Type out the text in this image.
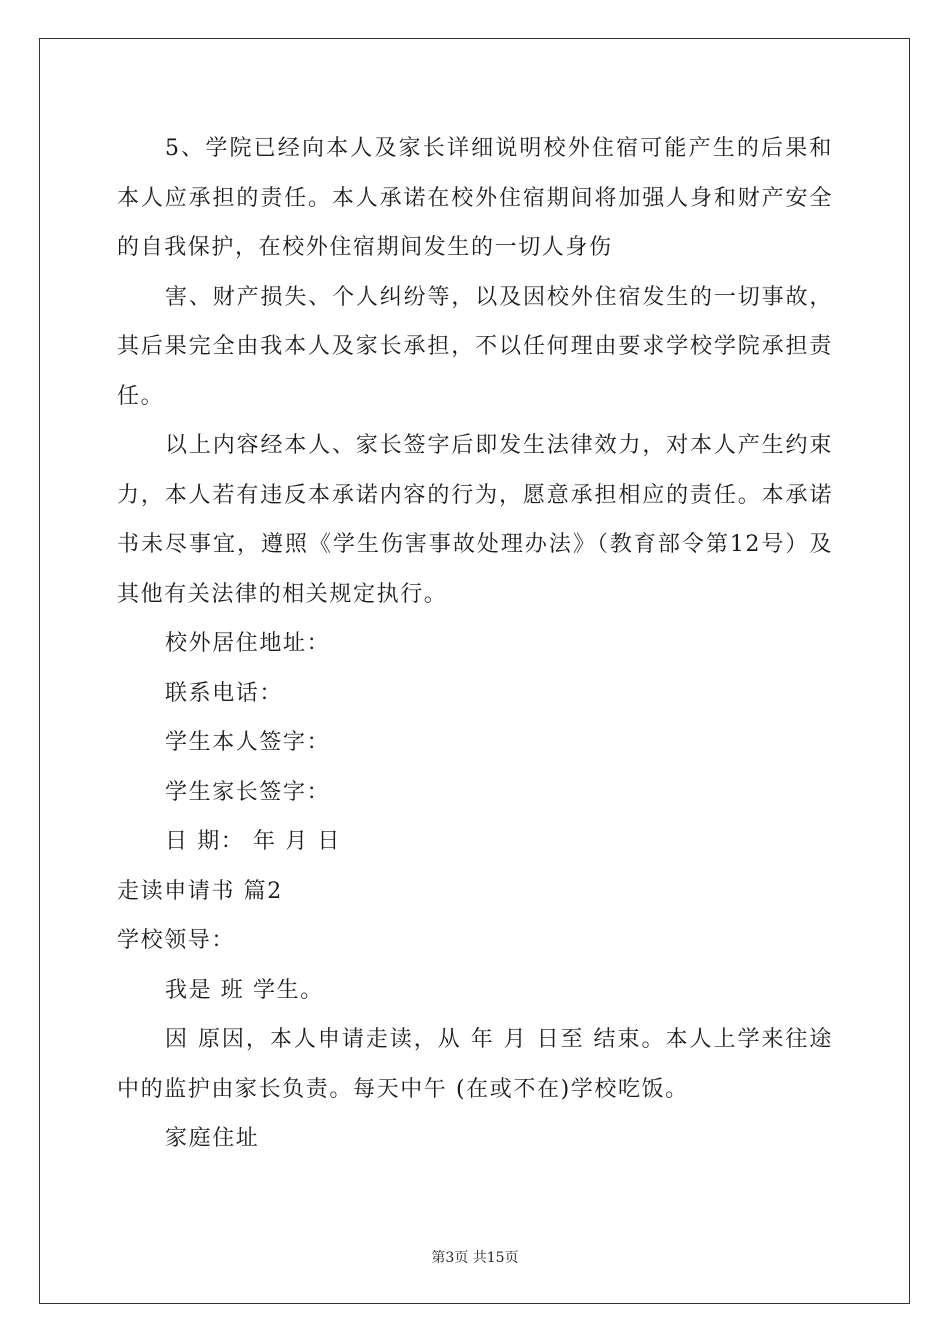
5、学院已经向本人及家长详细说明校外住宿可能产生的后果和本人应承担的责任。本人承诺在校外住宿期间将加强人身和财产安全的自我保护，在校外住宿期间发生的一切人身伤

害、财产损失、个人纠纷等，以及因校外住宿发生的一切事故，其后果完全由我本人及家长承担，不以任何理由要求学校学院承担责任。

以上内容经本人、家长签字后即发生法律效力，对本人产生约束力，本人若有违反本承诺内容的行为，愿意承担相应的责任。本承诺书未尽事宜，遵照《学生伤害事故处理办法》（教育部令第12号）及其他有关法律的相关规定执行。

校外居住地址：

联系电话：

学生本人签字：

学生家长签字：

日 期： 年 月 日

走读申请书 篇2

学校领导：

我是 班 学生。

因 原因，本人申请走读，从 年 月 日至 结束。本人上学来往途中的监护由家长负责。每天中午 (在或不在)学校吃饭。

家庭住址

第3页 共15页
